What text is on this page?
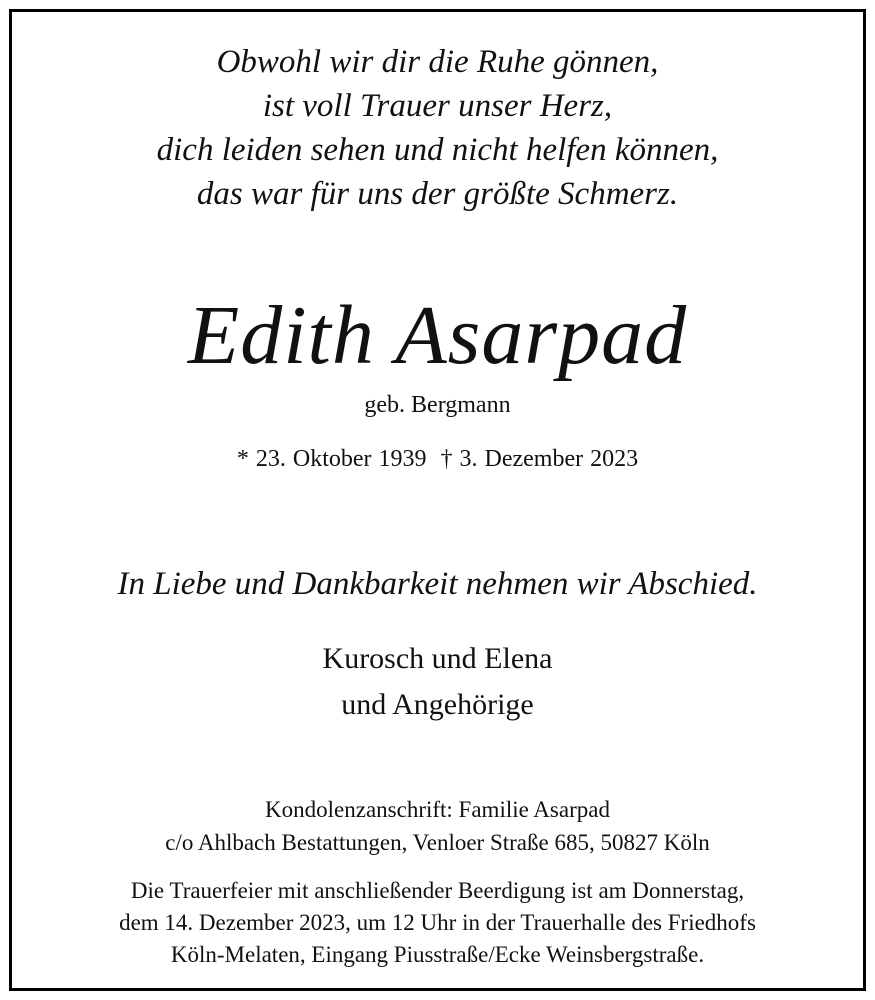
Obwohl wir dir die Ruhe gönnen,
ist voll Trauer unser Herz,
dich leiden sehen und nicht helfen können,
das war für uns der größte Schmerz.
Edith Asarpad
geb. Bergmann
* 23. Oktober 1939 † 3. Dezember 2023
In Liebe und Dankbarkeit nehmen wir Abschied.
Kurosch und Elena
und Angehörige
Kondolenzanschrift: Familie Asarpad
c/o Ahlbach Bestattungen, Venloer Straße 685, 50827 Köln
Die Trauerfeier mit anschließender Beerdigung ist am Donnerstag,
dem 14. Dezember 2023, um 12 Uhr in der Trauerhalle des Friedhofs
Köln-Melaten, Eingang Piusstraße/Ecke Weinsbergstraße.
